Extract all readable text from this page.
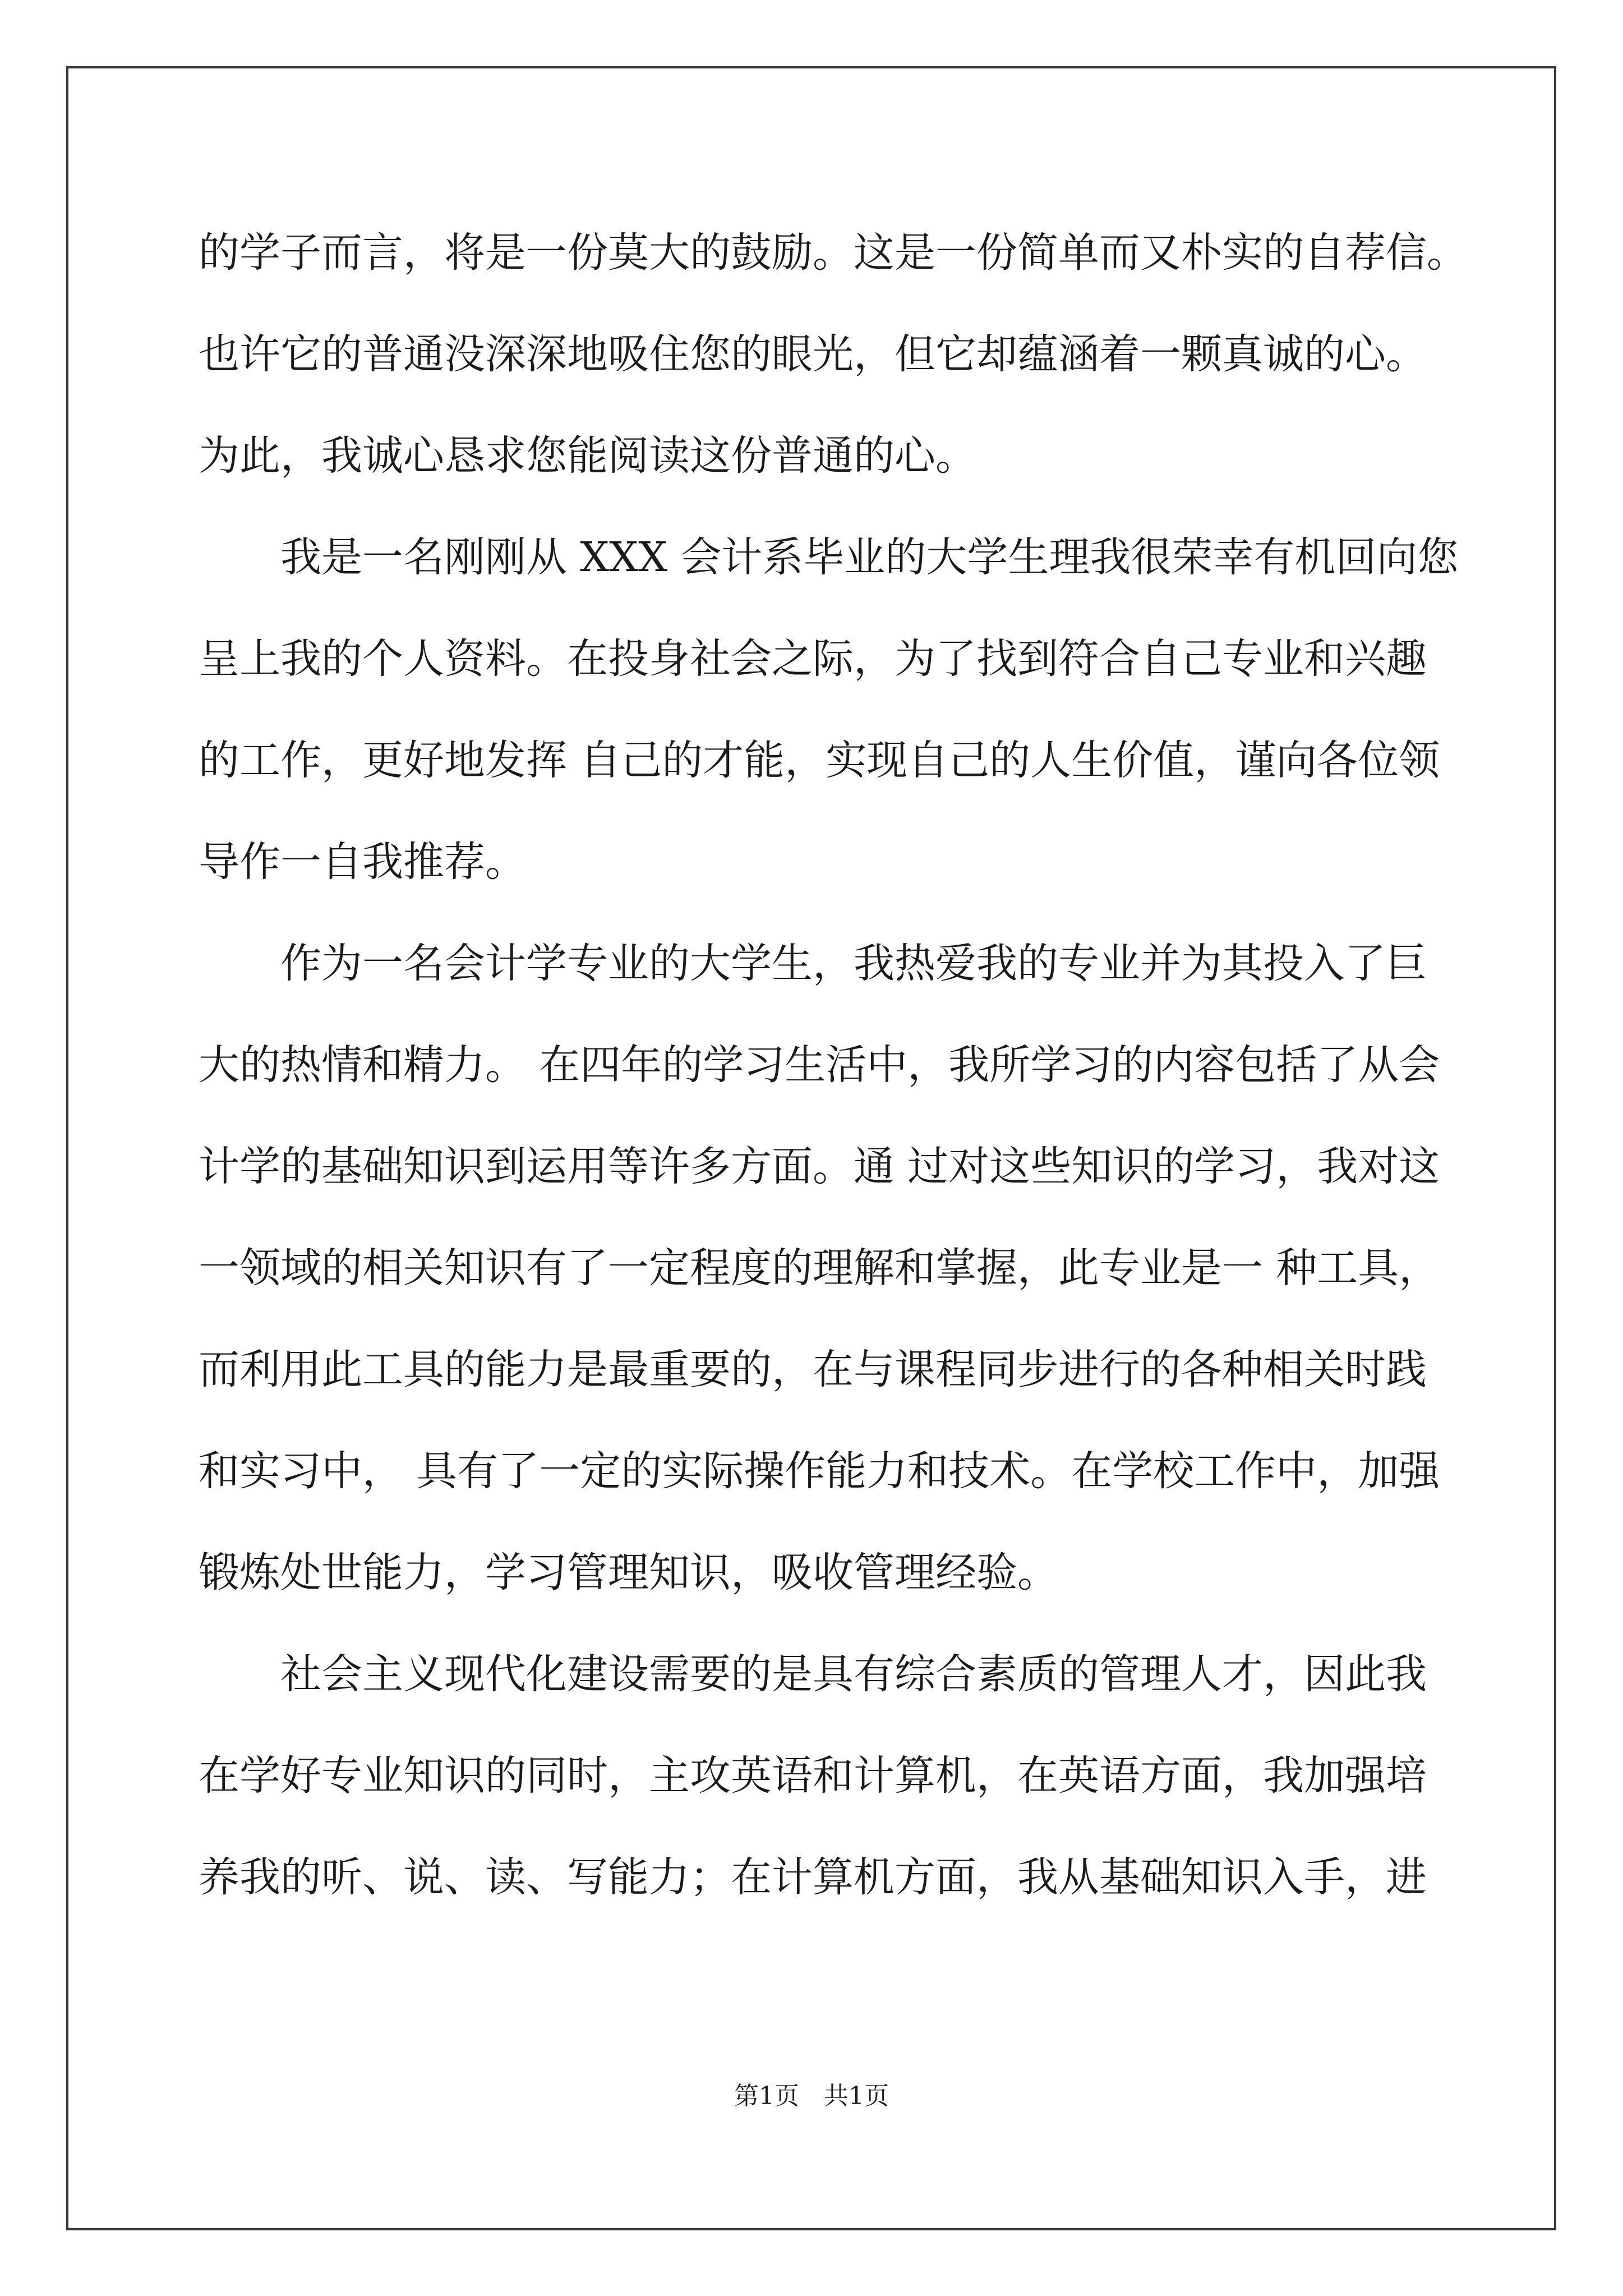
的学子而言，将是一份莫大的鼓励。这是一份简单而又朴实的自荐信。
也许它的普通没深深地吸住您的眼光，但它却蕴涵着一颗真诚的心。
为此，我诚心恳求您能阅读这份普通的心。
　　我是一名刚刚从 XXX 会计系毕业的大学生理我很荣幸有机回向您
呈上我的个人资料。在投身社会之际，为了找到符合自己专业和兴趣
的工作，更好地发挥 自己的才能，实现自己的人生价值，谨向各位领
导作一自我推荐。
　　作为一名会计学专业的大学生，我热爱我的专业并为其投入了巨
大的热情和精力。 在四年的学习生活中，我所学习的内容包括了从会
计学的基础知识到运用等许多方面。通 过对这些知识的学习，我对这
一领域的相关知识有了一定程度的理解和掌握，此专业是一 种工具，
而利用此工具的能力是最重要的，在与课程同步进行的各种相关时践
和实习中， 具有了一定的实际操作能力和技术。在学校工作中，加强
锻炼处世能力，学习管理知识，吸收管理经验。
　　社会主义现代化建设需要的是具有综合素质的管理人才，因此我
在学好专业知识的同时，主攻英语和计算机，在英语方面，我加强培
养我的听、说、读、写能力；在计算机方面，我从基础知识入手，进
第1页　共1页
